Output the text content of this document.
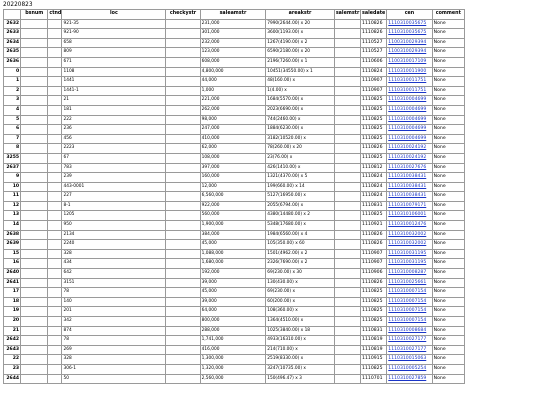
20220823
	bsnum	ctnd	loc	checkystr	saleamstr	areakstr	salemstr	saledate	cen	comment
2632			921-35		231,000	7990(2644.00) x 20		1110826	1110310035675	None
2633			921-90		301,000	3600(1193.00) x		1110826	1110310035675	None
2634			658		232,000	1267(4190.00) x 2		1110527	1100310029394	None
2635			809		123,000	6590(2180.00) x 20		1110527	1100310029394	None
2636			671		608,000	2196(7260.00) x 1		1110606	1100310017109	None
0			1108		4,800,000	10451(34550.00) x 1		1110824	1110310011900	None
1			1441		44,000	48(160.00) x		1110907	1110310011751	None
2			1441-1		1,000	1(4.00) x		1110907	1110310011751	None
3			21		221,000	1684(5570.00) x		1110825	1110310004699	None
4			181		262,000	2023(6690.00) x		1110825	1110310004699	None
5			222		98,000	744(2460.00) x		1110825	1110310004699	None
6			236		247,000	1884(6230.00) x		1110825	1110310004699	None
7			456		410,000	3182(10520.00) x		1110825	1110310004699	None
8			2223		62,000	78(260.00) x 20		1110826	1110310024192	None
3255			67		108,000	23(76.00) x		1110825	1110310024192	None
2637			783		397,000	426(1410.00) x		1110812	1110310027676	None
9			239		160,000	1321(4370.00) x 5		1110824	1110310038431	None
10			443-0001		12,000	199(660.00) x 14		1110824	1110310038431	None
11			227		6,560,000	5127(16950.00) x		1110824	1110310038431	None
12			8-1		922,000	2055(6794.00) x		1110831	1110310079171	None
13			1205		560,000	4380(14480.00) x 2		1110825	1110310106001	None
14			950		1,900,000	5348(17680.00) x		1110921	1110310012476	None
2638			2134		384,000	1984(6560.00) x 4		1110826	1110310032002	None
2639			2240		45,000	105(350.00) x 60		1110826	1110310032002	None
15			328		1,088,000	1501(4962.00) x 2		1110907	1110310031195	None
16			434		1,680,000	2326(7690.00) x 2		1110907	1110310031195	None
2640			642		192,000	69(230.00) x 30		1110906	1110310008287	None
2641			3151		39,000	130(430.00) x		1110826	1110310025661	None
17			78		45,000	69(230.00) x		1110825	1110310007154	None
18			140		39,000	60(200.00) x		1110825	1110310007154	None
19			201		64,000	108(360.00) x		1110825	1110310007154	None
20			342		800,000	1364(4510.00) x		1110825	1110310007154	None
21			874		288,000	1025(3840.00) x 18		1110831	1110310008684	None
2642			78		1,741,000	4933(16310.00) x		1110819	1110310027177	None
2643			269		416,000	214(710.00) x		1110819	1110310027177	None
22			328		1,300,000	2519(8330.00) x		1110915	1110310015063	None
23			306-1		1,320,000	3247(10735.00) x		1110825	1110310005254	None
2644			50		2,560,000	150(496.47) x 3		1110701	1110310027859	None
